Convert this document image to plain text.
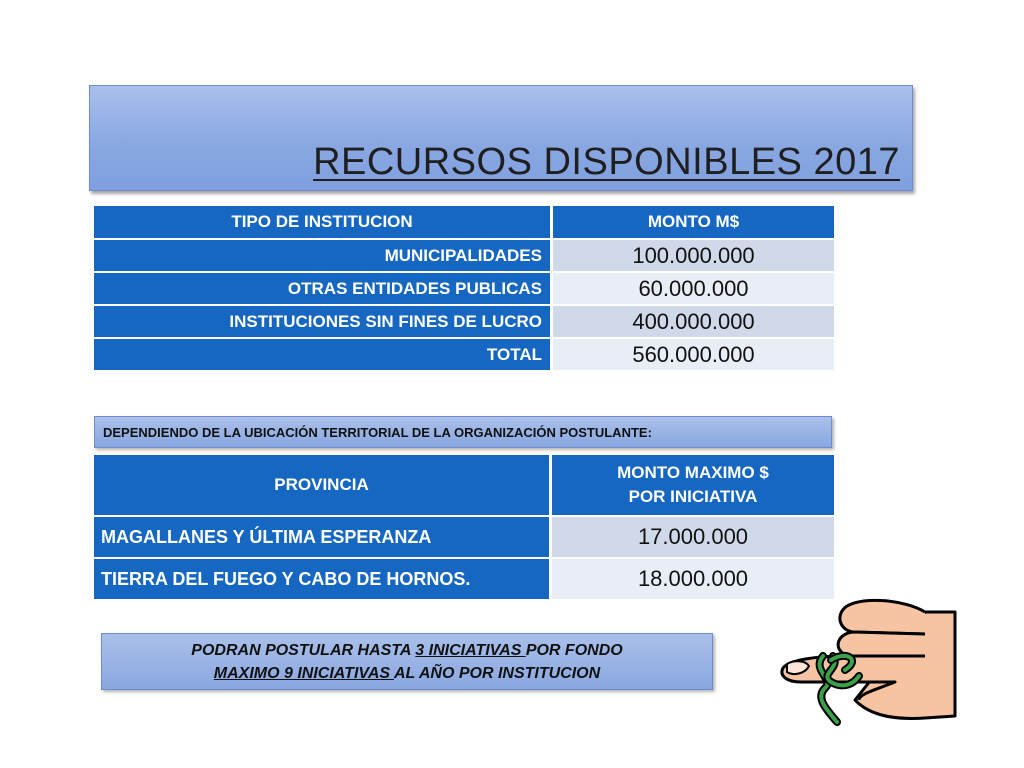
RECURSOS DISPONIBLES 2017
TIPO DE INSTITUCION	MONTO M$
MUNICIPALIDADES	100.000.000
OTRAS ENTIDADES PUBLICAS	60.000.000
INSTITUCIONES SIN FINES DE LUCRO	400.000.000
TOTAL	560.000.000
DEPENDIENDO DE LA UBICACIÓN TERRITORIAL DE LA ORGANIZACIÓN POSTULANTE:
PROVINCIA	MONTO MAXIMO $
POR INICIATIVA

MAGALLANES Y ÚLTIMA ESPERANZA	17.000.000
TIERRA DEL FUEGO Y CABO DE HORNOS.	18.000.000
PODRAN POSTULAR HASTA 3 INICIATIVAS POR FONDO
MAXIMO 9 INICIATIVAS AL AÑO POR INSTITUCION
